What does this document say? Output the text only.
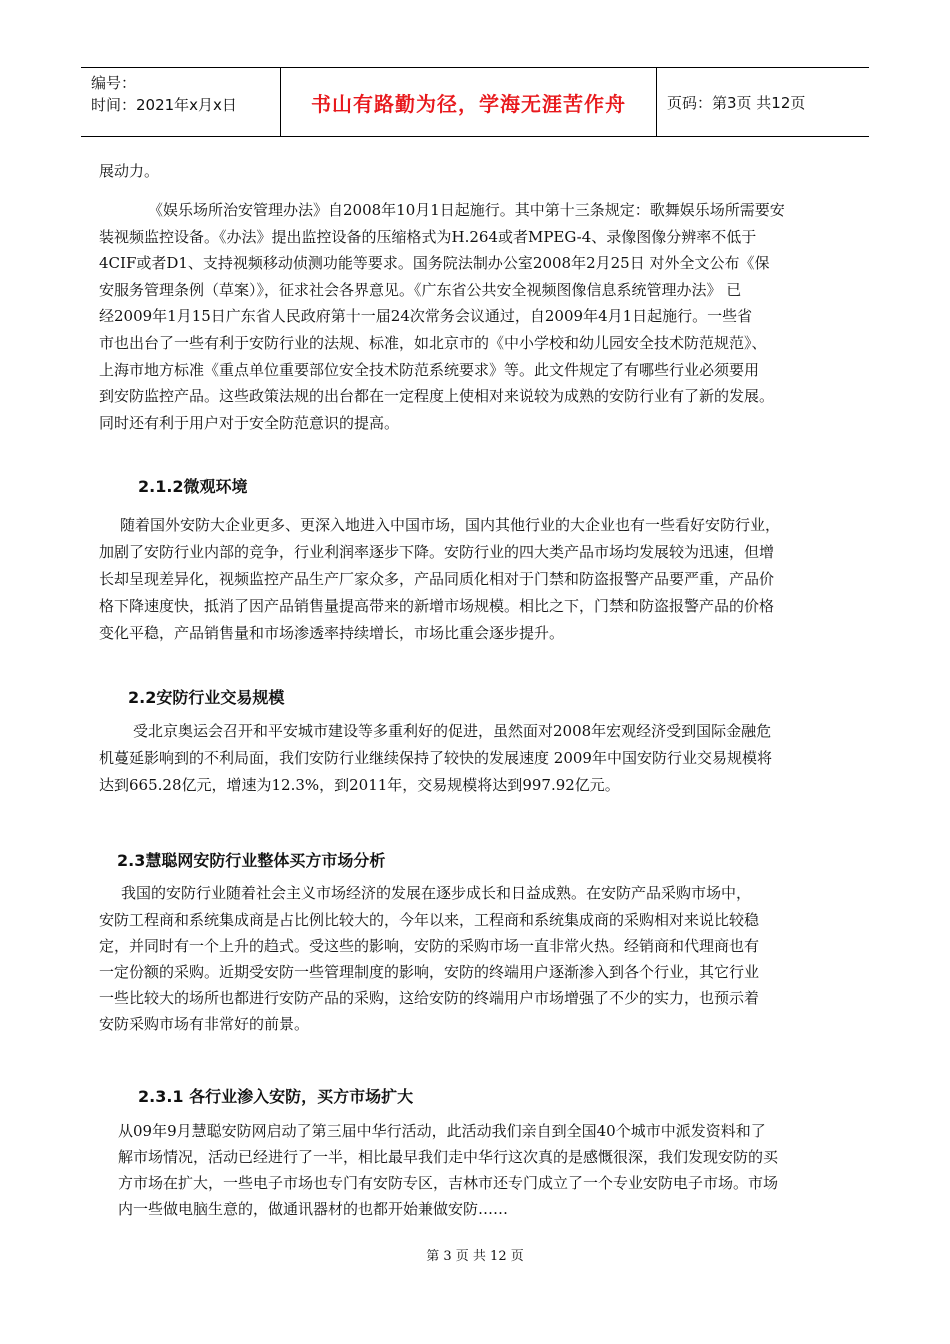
编号：
时间：2021年x月x日	书山有路勤为径，学海无涯苦作舟	页码：第3页 共12页

展动力。

《娱乐场所治安管理办法》自2008年10月1日起施行。其中第十三条规定：歌舞娱乐场所需要安

装视频监控设备。《办法》提出监控设备的压缩格式为H.264或者MPEG-4、录像图像分辨率不低于

4CIF或者D1、支持视频移动侦测功能等要求。国务院法制办公室2008年2月25日 对外全文公布《保

安服务管理条例（草案）》，征求社会各界意见。《广东省公共安全视频图像信息系统管理办法》 已

经2009年1月15日广东省人民政府第十一届24次常务会议通过，自2009年4月1日起施行。一些省

市也出台了一些有利于安防行业的法规、标准，如北京市的《中小学校和幼儿园安全技术防范规范》、

上海市地方标准《重点单位重要部位安全技术防范系统要求》等。此文件规定了有哪些行业必须要用

到安防监控产品。这些政策法规的出台都在一定程度上使相对来说较为成熟的安防行业有了新的发展。

同时还有利于用户对于安全防范意识的提高。

2.1.2微观环境

随着国外安防大企业更多、更深入地进入中国市场，国内其他行业的大企业也有一些看好安防行业，

加剧了安防行业内部的竞争，行业利润率逐步下降。安防行业的四大类产品市场均发展较为迅速，但增

长却呈现差异化，视频监控产品生产厂家众多，产品同质化相对于门禁和防盗报警产品要严重，产品价

格下降速度快，抵消了因产品销售量提高带来的新增市场规模。相比之下，门禁和防盗报警产品的价格

变化平稳，产品销售量和市场渗透率持续增长，市场比重会逐步提升。

2.2安防行业交易规模

受北京奥运会召开和平安城市建设等多重利好的促进，虽然面对2008年宏观经济受到国际金融危

机蔓延影响到的不利局面，我们安防行业继续保持了较快的发展速度 2009年中国安防行业交易规模将

达到665.28亿元，增速为12.3%，到2011年，交易规模将达到997.92亿元。

2.3慧聪网安防行业整体买方市场分析

我国的安防行业随着社会主义市场经济的发展在逐步成长和日益成熟。在安防产品采购市场中，

安防工程商和系统集成商是占比例比较大的，今年以来，工程商和系统集成商的采购相对来说比较稳

定，并同时有一个上升的趋式。受这些的影响，安防的采购市场一直非常火热。经销商和代理商也有

一定份额的采购。近期受安防一些管理制度的影响，安防的终端用户逐渐渗入到各个行业，其它行业

一些比较大的场所也都进行安防产品的采购，这给安防的终端用户市场增强了不少的实力，也预示着

安防采购市场有非常好的前景。

2.3.1 各行业渗入安防，买方市场扩大

从09年9月慧聪安防网启动了第三届中华行活动，此活动我们亲自到全国40个城市中派发资料和了

解市场情况，活动已经进行了一半，相比最早我们走中华行这次真的是感慨很深，我们发现安防的买

方市场在扩大，一些电子市场也专门有安防专区，吉林市还专门成立了一个专业安防电子市场。市场

内一些做电脑生意的，做通讯器材的也都开始兼做安防……

第 3 页 共 12 页
